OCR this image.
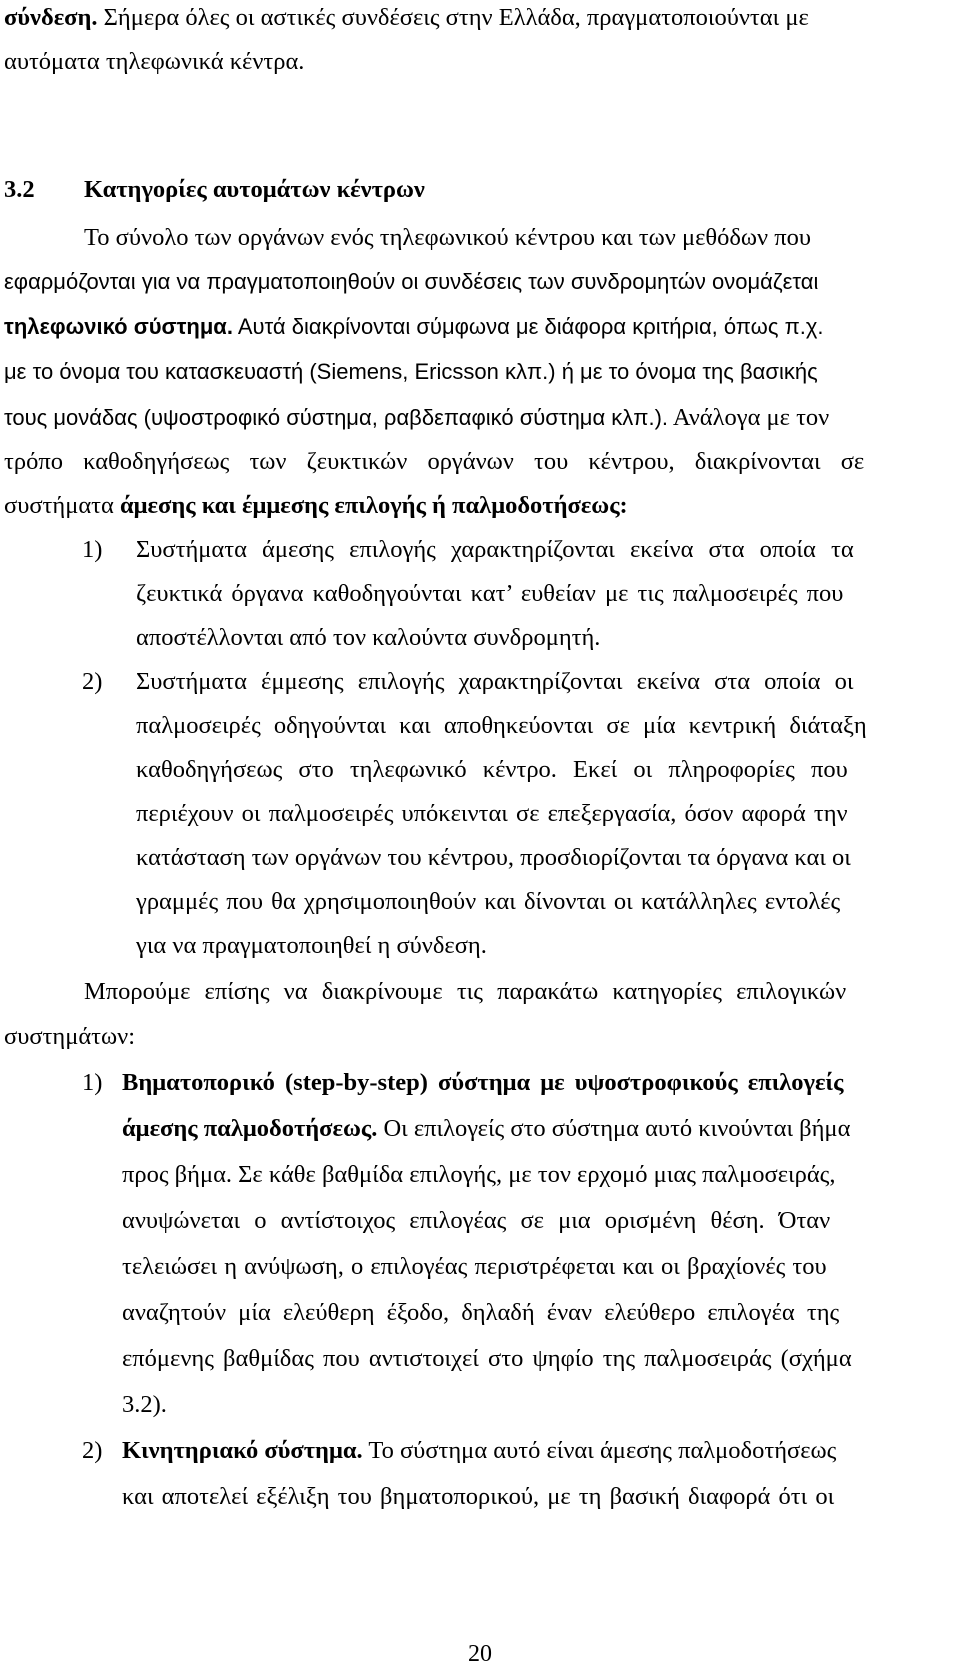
σύνδεση. Σήμερα όλες οι αστικές συνδέσεις στην Ελλάδα, πραγματοποιούνται με
αυτόματα τηλεφωνικά κέντρα.
3.2 Κατηγορίες αυτομάτων κέντρων
Το σύνολο των οργάνων ενός τηλεφωνικού κέντρου και των μεθόδων που
εφαρμόζονται για να πραγματοποιηθούν οι συνδέσεις των συνδρομητών ονομάζεται
τηλεφωνικό σύστημα. Αυτά διακρίνονται σύμφωνα με διάφορα κριτήρια, όπως π.χ.
με το όνομα του κατασκευαστή (Siemens, Ericsson κλπ.) ή με το όνομα της βασικής
τους μονάδας (υψοστροφικό σύστημα, ραβδεπαφικό σύστημα κλπ.). Ανάλογα με τον
τρόπο καθοδηγήσεως των ζευκτικών οργάνων του κέντρου, διακρίνονται σε
συστήματα άμεσης και έμμεσης επιλογής ή παλμοδοτήσεως:
1) Συστήματα άμεσης επιλογής χαρακτηρίζονται εκείνα στα οποία τα
ζευκτικά όργανα καθοδηγούνται κατ’ ευθείαν με τις παλμοσειρές που
αποστέλλονται από τον καλούντα συνδρομητή.
2) Συστήματα έμμεσης επιλογής χαρακτηρίζονται εκείνα στα οποία οι
παλμοσειρές οδηγούνται και αποθηκεύονται σε μία κεντρική διάταξη
καθοδηγήσεως στο τηλεφωνικό κέντρο. Εκεί οι πληροφορίες που
περιέχουν οι παλμοσειρές υπόκεινται σε επεξεργασία, όσον αφορά την
κατάσταση των οργάνων του κέντρου, προσδιορίζονται τα όργανα και οι
γραμμές που θα χρησιμοποιηθούν και δίνονται οι κατάλληλες εντολές
για να πραγματοποιηθεί η σύνδεση.
Μπορούμε επίσης να διακρίνουμε τις παρακάτω κατηγορίες επιλογικών
συστημάτων:
1) Βηματοπορικό (step-by-step) σύστημα με υψοστροφικούς επιλογείς
άμεσης παλμοδοτήσεως. Οι επιλογείς στο σύστημα αυτό κινούνται βήμα
προς βήμα. Σε κάθε βαθμίδα επιλογής, με τον ερχομό μιας παλμοσειράς,
ανυψώνεται ο αντίστοιχος επιλογέας σε μια ορισμένη θέση. Όταν
τελειώσει η ανύψωση, ο επιλογέας περιστρέφεται και οι βραχίονές του
αναζητούν μία ελεύθερη έξοδο, δηλαδή έναν ελεύθερο επιλογέα της
επόμενης βαθμίδας που αντιστοιχεί στο ψηφίο της παλμοσειράς (σχήμα
3.2).
2) Κινητηριακό σύστημα. Το σύστημα αυτό είναι άμεσης παλμοδοτήσεως
και αποτελεί εξέλιξη του βηματοπορικού, με τη βασική διαφορά ότι οι
20
